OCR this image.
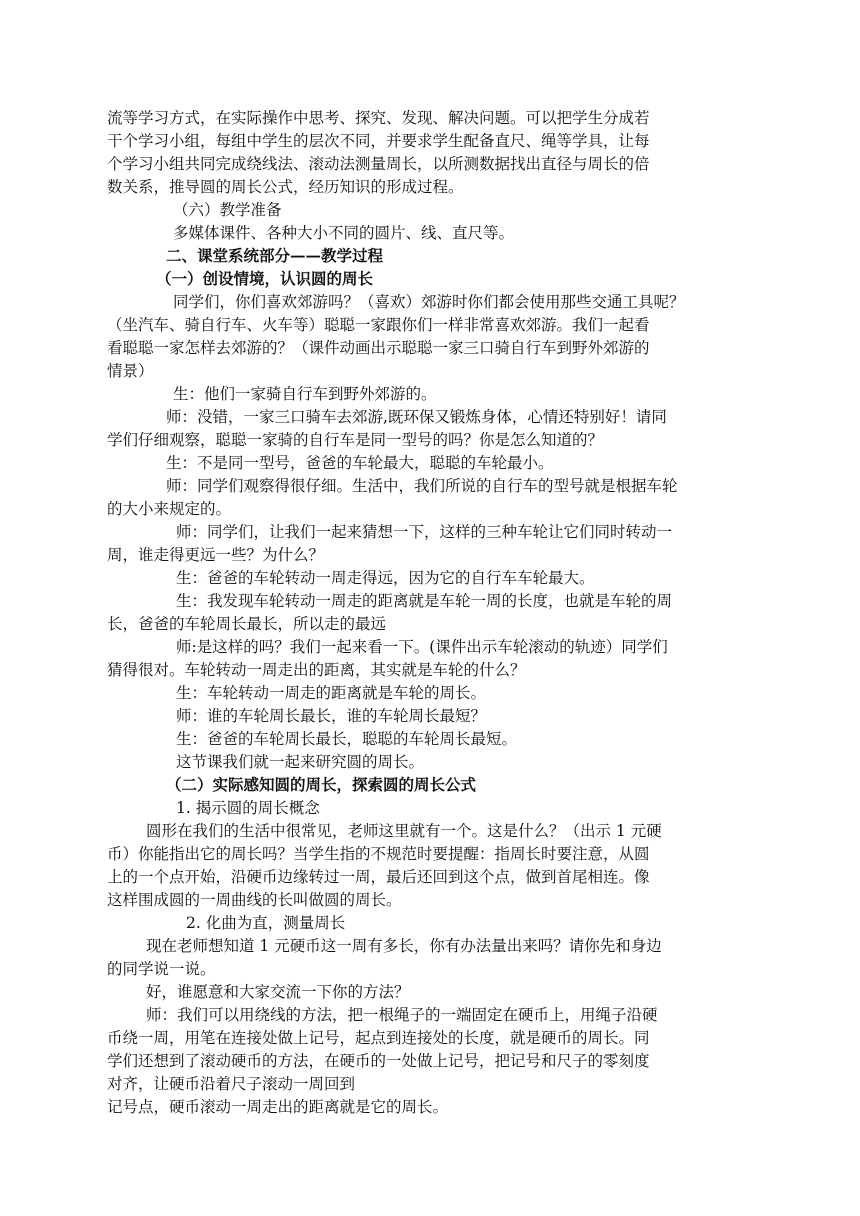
流等学习方式，在实际操作中思考、探究、发现、解决问题。可以把学生分成若

干个学习小组，每组中学生的层次不同，并要求学生配备直尺、绳等学具，让每

个学习小组共同完成绕线法、滚动法测量周长，以所测数据找出直径与周长的倍

数关系，推导圆的周长公式，经历知识的形成过程。

（六）教学准备

多媒体课件、各种大小不同的圆片、线、直尺等。

二、课堂系统部分——教学过程

（一）创设情境，认识圆的周长

同学们，你们喜欢郊游吗？（喜欢）郊游时你们都会使用那些交通工具呢？

（坐汽车、骑自行车、火车等）聪聪一家跟你们一样非常喜欢郊游。我们一起看

看聪聪一家怎样去郊游的？（课件动画出示聪聪一家三口骑自行车到野外郊游的

情景）

生：他们一家骑自行车到野外郊游的。

师：没错，一家三口骑车去郊游,既环保又锻炼身体，心情还特别好！请同

学们仔细观察，聪聪一家骑的自行车是同一型号的吗？你是怎么知道的？

生：不是同一型号，爸爸的车轮最大，聪聪的车轮最小。

师：同学们观察得很仔细。生活中，我们所说的自行车的型号就是根据车轮

的大小来规定的。

师：同学们，让我们一起来猜想一下，这样的三种车轮让它们同时转动一

周，谁走得更远一些？为什么？

生：爸爸的车轮转动一周走得远，因为它的自行车车轮最大。

生：我发现车轮转动一周走的距离就是车轮一周的长度，也就是车轮的周

长，爸爸的车轮周长最长，所以走的最远

师:是这样的吗？我们一起来看一下。(课件出示车轮滚动的轨迹）同学们

猜得很对。车轮转动一周走出的距离，其实就是车轮的什么？

生：车轮转动一周走的距离就是车轮的周长。

师：谁的车轮周长最长，谁的车轮周长最短？

生：爸爸的车轮周长最长，聪聪的车轮周长最短。

这节课我们就一起来研究圆的周长。

（二）实际感知圆的周长，探索圆的周长公式

1. 揭示圆的周长概念

圆形在我们的生活中很常见，老师这里就有一个。这是什么？（出示 1 元硬

币）你能指出它的周长吗？当学生指的不规范时要提醒：指周长时要注意，从圆

上的一个点开始，沿硬币边缘转过一周，最后还回到这个点，做到首尾相连。像

这样围成圆的一周曲线的长叫做圆的周长。

2. 化曲为直，测量周长

现在老师想知道 1 元硬币这一周有多长，你有办法量出来吗？请你先和身边

的同学说一说。

好，谁愿意和大家交流一下你的方法？

师：我们可以用绕线的方法，把一根绳子的一端固定在硬币上，用绳子沿硬

币绕一周，用笔在连接处做上记号，起点到连接处的长度，就是硬币的周长。同

学们还想到了滚动硬币的方法，在硬币的一处做上记号，把记号和尺子的零刻度

对齐，让硬币沿着尺子滚动一周回到

记号点，硬币滚动一周走出的距离就是它的周长。
